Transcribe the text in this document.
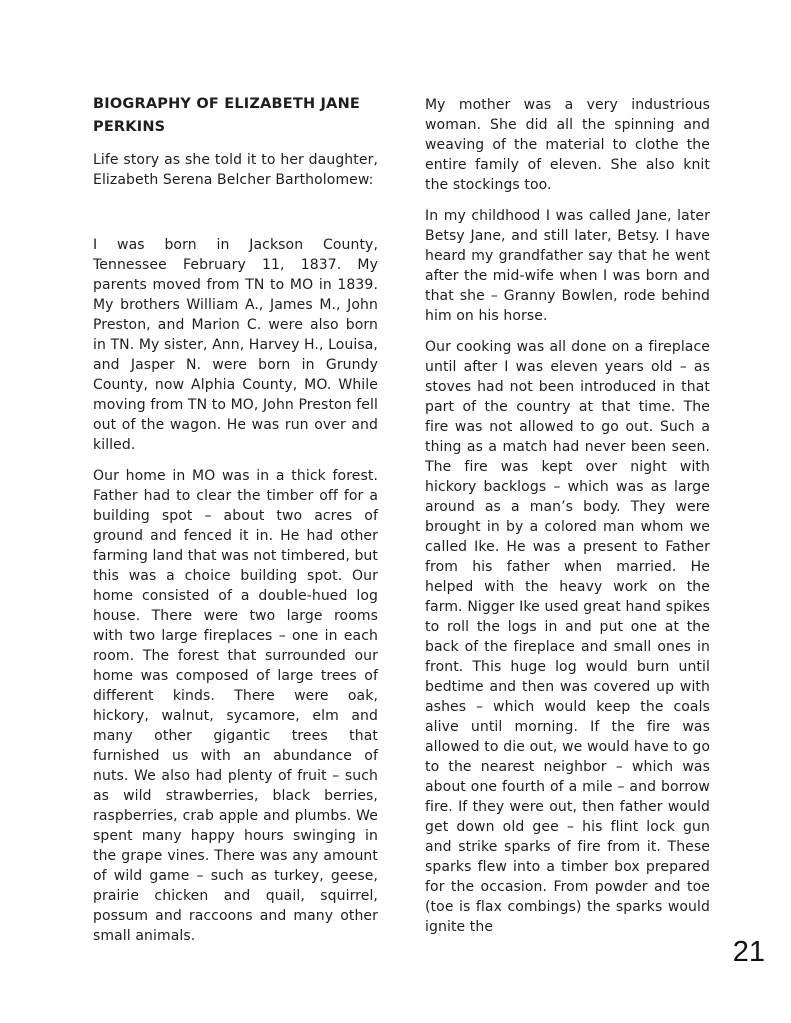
BIOGRAPHY OF ELIZABETH JANE PERKINS

Life story as she told it to her daughter, Elizabeth Serena Belcher Bartholomew:

I was born in Jackson County, Tennessee February 11, 1837. My parents moved from TN to MO in 1839. My brothers William A., James M., John Preston, and Marion C. were also born in TN. My sister, Ann, Harvey H., Louisa, and Jasper N. were born in Grundy County, now Alphia County, MO. While moving from TN to MO, John Preston fell out of the wagon. He was run over and killed.

Our home in MO was in a thick forest. Father had to clear the timber off for a building spot – about two acres of ground and fenced it in. He had other farming land that was not timbered, but this was a choice building spot. Our home consisted of a double-hued log house. There were two large rooms with two large fireplaces – one in each room. The forest that surrounded our home was composed of large trees of different kinds. There were oak, hickory, walnut, sycamore, elm and many other gigantic trees that furnished us with an abundance of nuts. We also had plenty of fruit – such as wild strawberries, black berries, raspberries, crab apple and plumbs. We spent many happy hours swinging in the grape vines. There was any amount of wild game – such as turkey, geese, prairie chicken and quail, squirrel, possum and raccoons and many other small animals.

My mother was a very industrious woman. She did all the spinning and weaving of the material to clothe the entire family of eleven. She also knit the stockings too.

In my childhood I was called Jane, later Betsy Jane, and still later, Betsy. I have heard my grandfather say that he went after the mid-wife when I was born and that she – Granny Bowlen, rode behind him on his horse.

Our cooking was all done on a fireplace until after I was eleven years old – as stoves had not been introduced in that part of the country at that time. The fire was not allowed to go out. Such a thing as a match had never been seen. The fire was kept over night with hickory backlogs – which was as large around as a man’s body. They were brought in by a colored man whom we called Ike. He was a present to Father from his father when married. He helped with the heavy work on the farm. Nigger Ike used great hand spikes to roll the logs in and put one at the back of the fireplace and small ones in front. This huge log would burn until bedtime and then was covered up with ashes – which would keep the coals alive until morning. If the fire was allowed to die out, we would have to go to the nearest neighbor – which was about one fourth of a mile – and borrow fire. If they were out, then father would get down old gee – his flint lock gun and strike sparks of fire from it. These sparks flew into a timber box prepared for the occasion. From powder and toe (toe is flax combings) the sparks would ignite the

21
